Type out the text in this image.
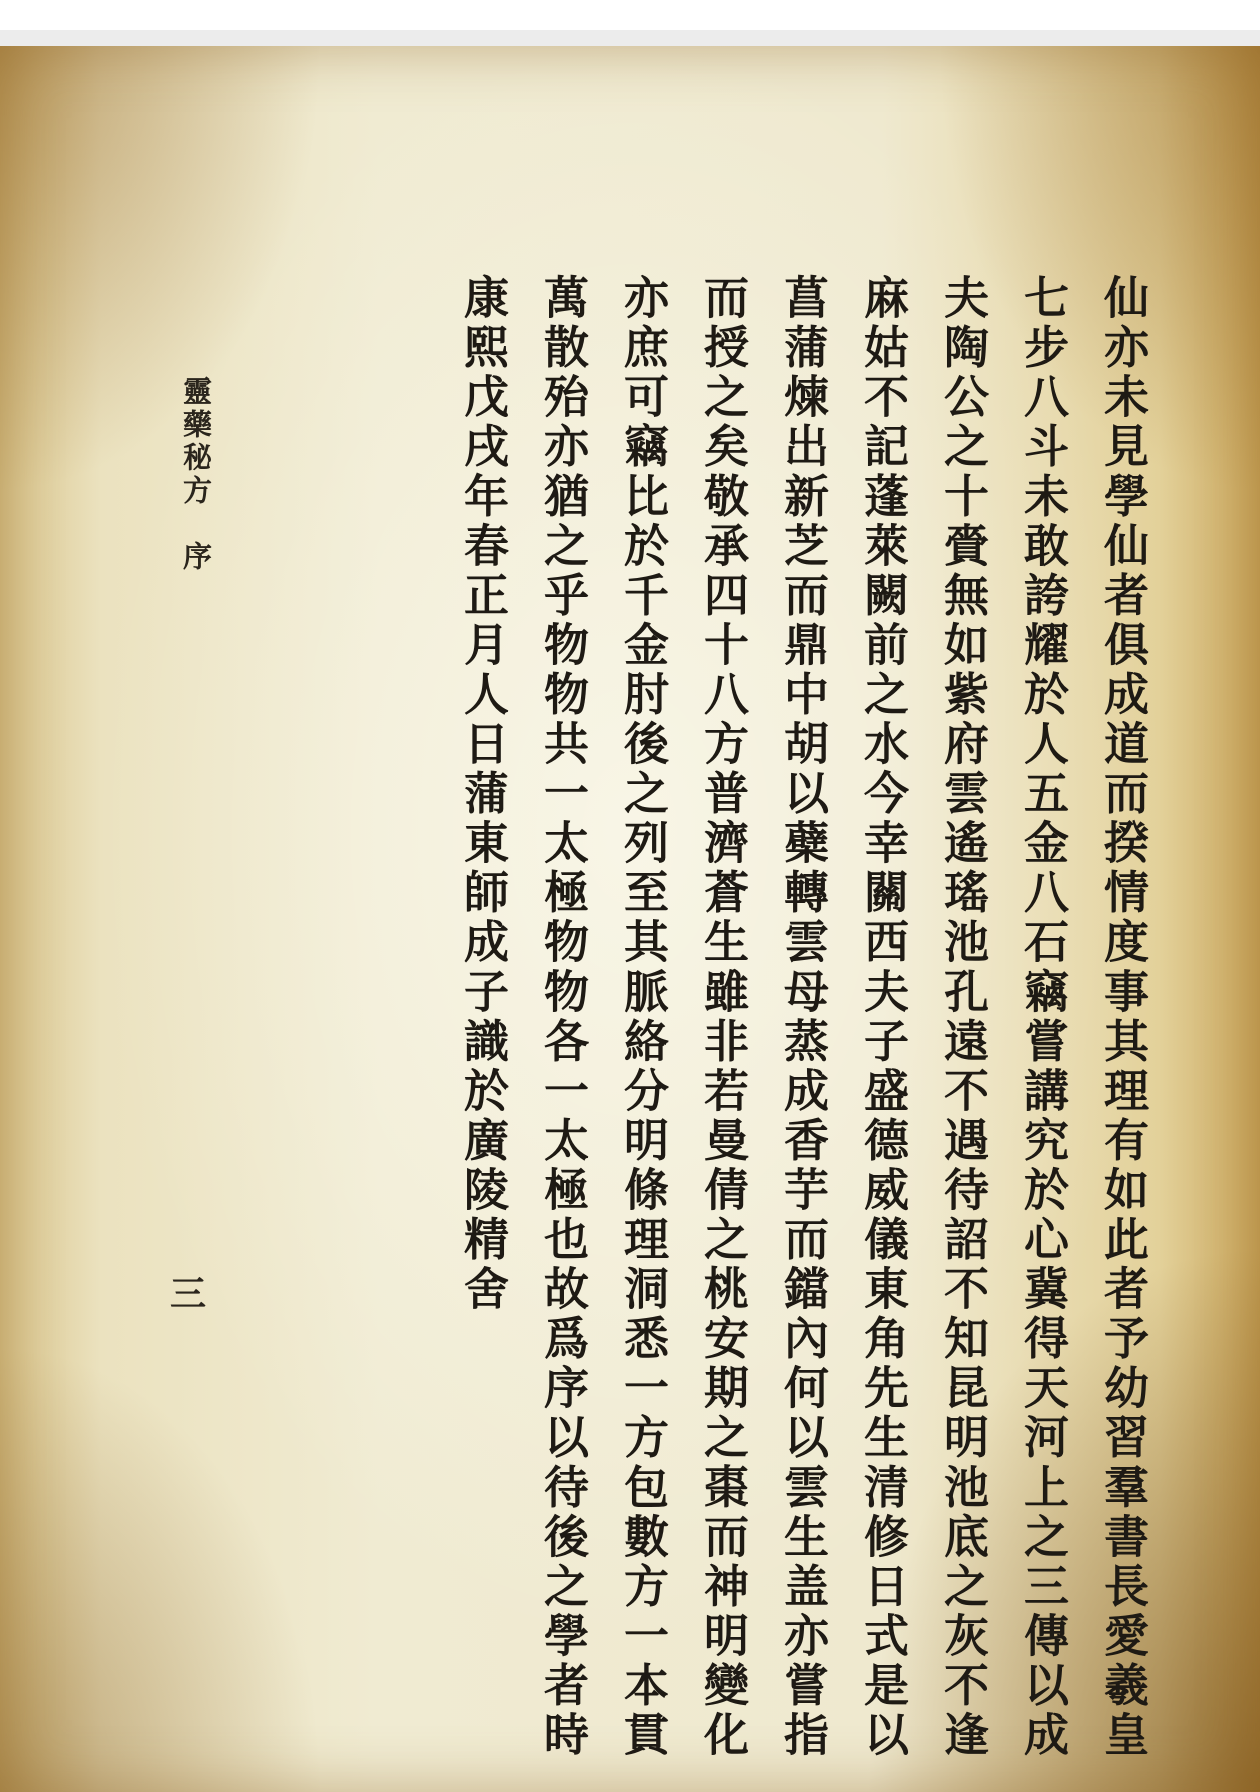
仙亦未見學仙者俱成道而揆情度事其理有如此者予幼習羣書長愛羲皇
七步八斗未敢誇耀於人五金八石竊嘗講究於心冀得天河上之三傳以成
夫陶公之十賫無如紫府雲遙瑤池孔遠不遇待詔不知昆明池底之灰不逢
麻姑不記蓬萊闕前之水今幸關西夫子盛德威儀東角先生清修日式是以
菖蒲煉出新芝而鼎中胡以蘗轉雲母蒸成香芋而鐺內何以雲生盖亦嘗指
而授之矣敬承四十八方普濟蒼生雖非若曼倩之桃安期之棗而神明變化
亦庶可竊比於千金肘後之列至其脈絡分明條理洞悉一方包數方一本貫
萬散殆亦猶之乎物物共一太極物物各一太極也故爲序以待後之學者時
康熙戊戌年春正月人日蒲東師成子識於廣陵精舍
靈藥秘方　序
三
